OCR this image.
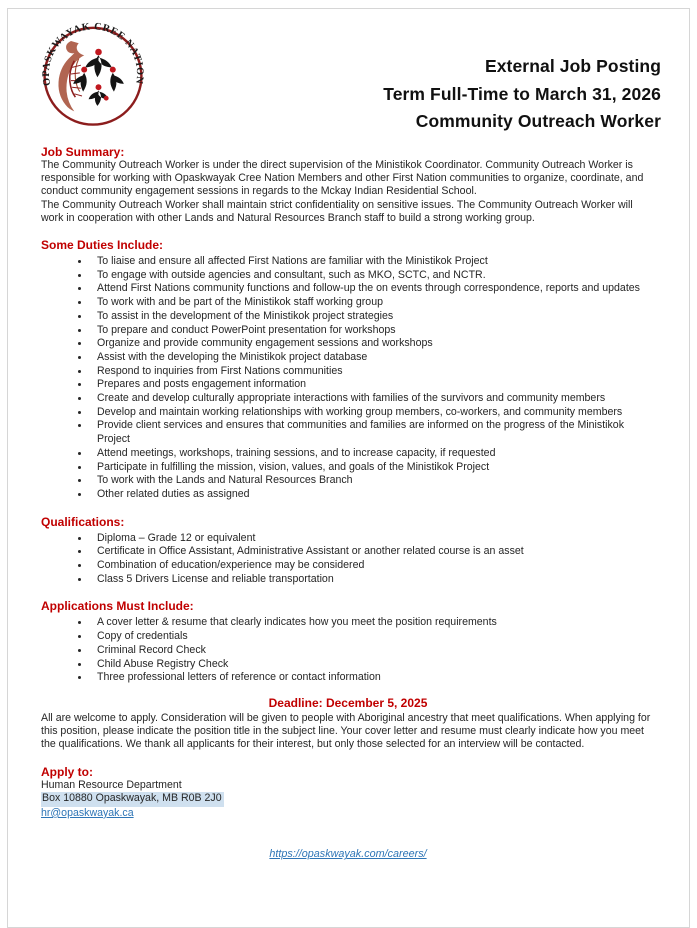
OPASKWAYAK CREE NATION
External Job Posting
Term Full-Time to March 31, 2026
Community Outreach Worker
Job Summary:

The Community Outreach Worker is under the direct supervision of the Ministikok Coordinator. Community Outreach Worker is responsible for working with Opaskwayak Cree Nation Members and other First Nation communities to organize, coordinate, and conduct community engagement sessions in regards to the Mckay Indian Residential School.

The Community Outreach Worker shall maintain strict confidentiality on sensitive issues. The Community Outreach Worker will work in cooperation with other Lands and Natural Resources Branch staff to build a strong working group.

Some Duties Include:
• To liaise and ensure all affected First Nations are familiar with the Ministikok Project
• To engage with outside agencies and consultant, such as MKO, SCTC, and NCTR.
• Attend First Nations community functions and follow-up the on events through correspondence, reports and updates
• To work with and be part of the Ministikok staff working group
• To assist in the development of the Ministikok project strategies
• To prepare and conduct PowerPoint presentation for workshops
• Organize and provide community engagement sessions and workshops
• Assist with the developing the Ministikok project database
• Respond to inquiries from First Nations communities
• Prepares and posts engagement information
• Create and develop culturally appropriate interactions with families of the survivors and community members
• Develop and maintain working relationships with working group members, co-workers, and community members
• Provide client services and ensures that communities and families are informed on the progress of the Ministikok Project
• Attend meetings, workshops, training sessions, and to increase capacity, if requested
• Participate in fulfilling the mission, vision, values, and goals of the Ministikok Project
• To work with the Lands and Natural Resources Branch
• Other related duties as assigned
Qualifications:
• Diploma – Grade 12 or equivalent
• Certificate in Office Assistant, Administrative Assistant or another related course is an asset
• Combination of education/experience may be considered
• Class 5 Drivers License and reliable transportation
Applications Must Include:
• A cover letter & resume that clearly indicates how you meet the position requirements
• Copy of credentials
• Criminal Record Check
• Child Abuse Registry Check
• Three professional letters of reference or contact information
Deadline: December 5, 2025

All are welcome to apply. Consideration will be given to people with Aboriginal ancestry that meet qualifications. When applying for this position, please indicate the position title in the subject line. Your cover letter and resume must clearly indicate how you meet the qualifications. We thank all applicants for their interest, but only those selected for an interview will be contacted.

Apply to:
Human Resource Department
Box 10880 Opaskwayak, MB R0B 2J0
hr@opaskwayak.ca
https://opaskwayak.com/careers/
